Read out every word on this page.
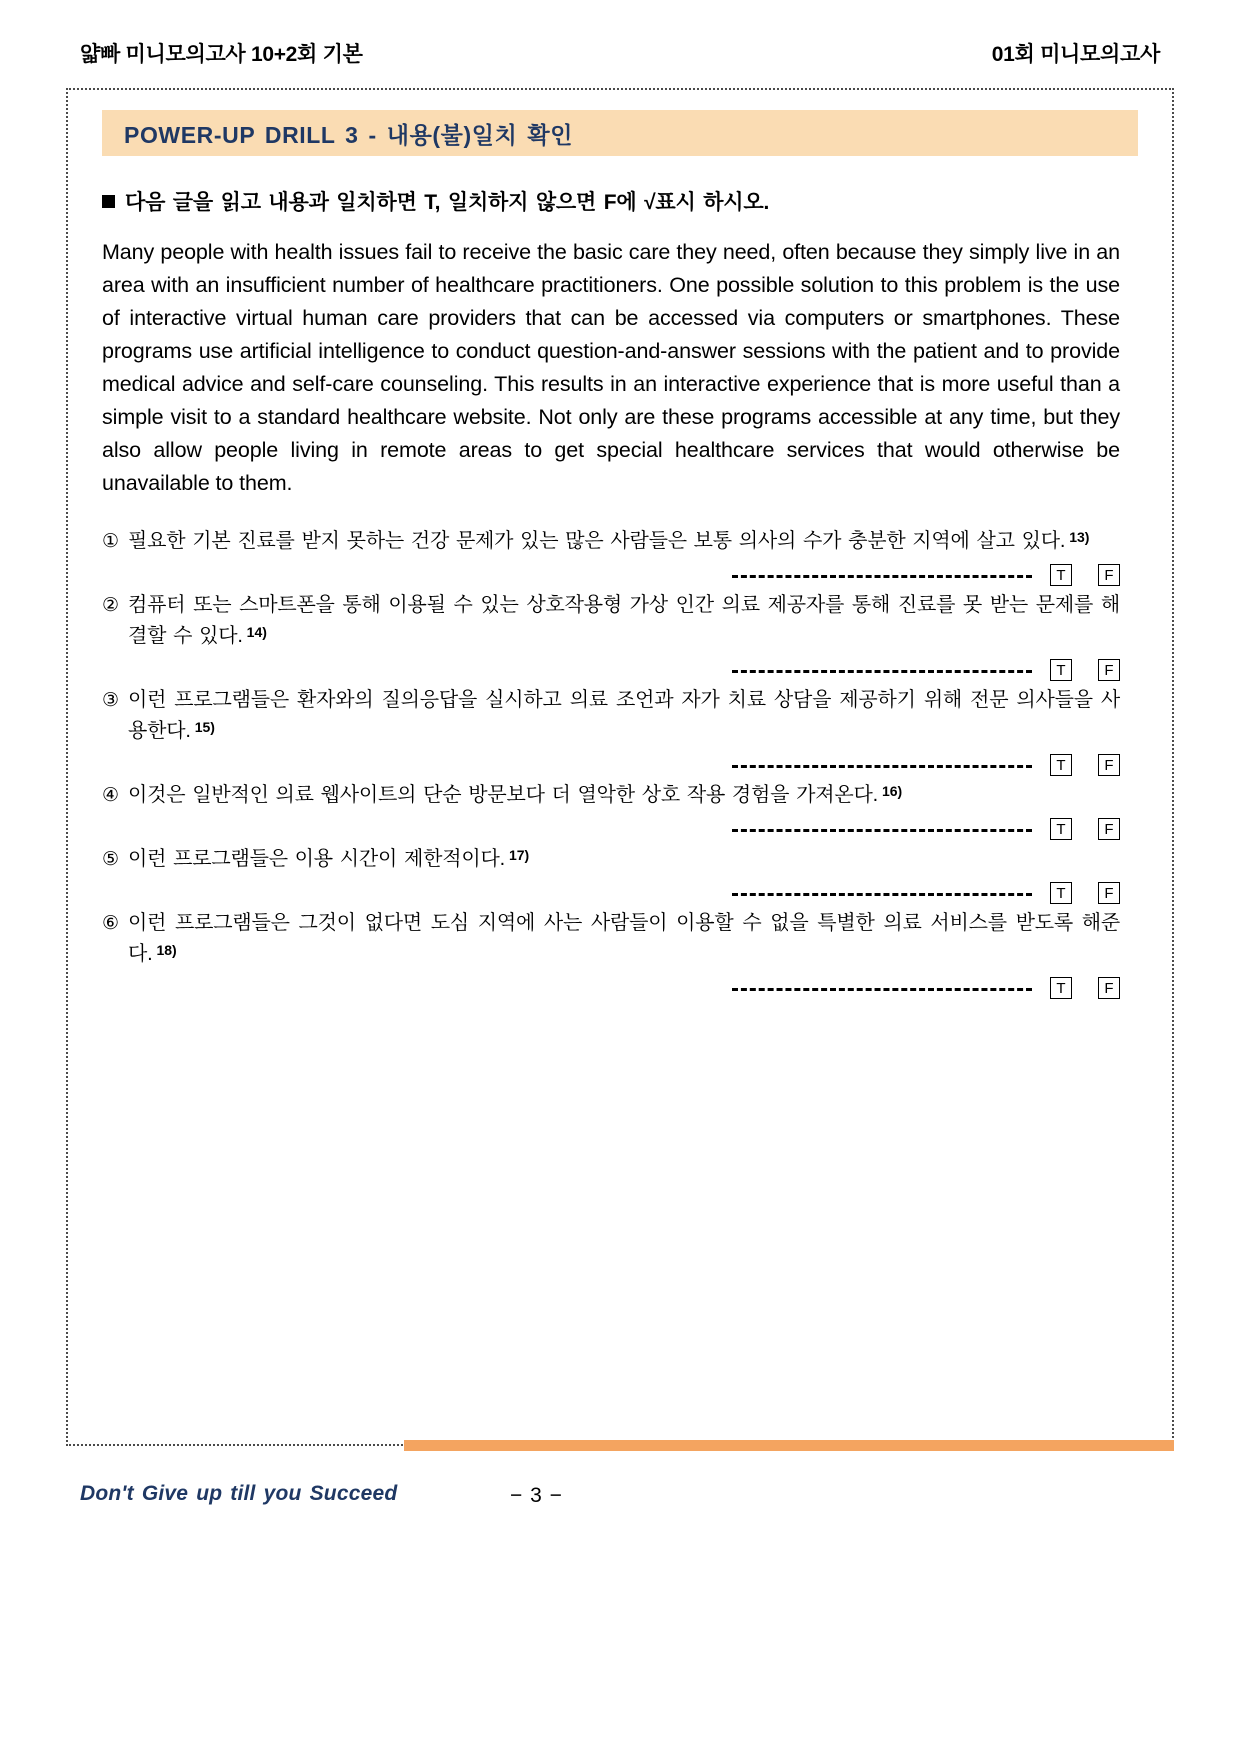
얇빠 미니모의고사 10+2회 기본	01회 미니모의고사
POWER-UP DRILL 3 - 내용(불)일치 확인
다음 글을 읽고 내용과 일치하면 T, 일치하지 않으면 F에 √표시 하시오.
Many people with health issues fail to receive the basic care they need, often because they simply live in an area with an insufficient number of healthcare practitioners. One possible solution to this problem is the use of interactive virtual human care providers that can be accessed via computers or smartphones. These programs use artificial intelligence to conduct question-and-answer sessions with the patient and to provide medical advice and self-care counseling. This results in an interactive experience that is more useful than a simple visit to a standard healthcare website. Not only are these programs accessible at any time, but they also allow people living in remote areas to get special healthcare services that would otherwise be unavailable to them.
① 필요한 기본 진료를 받지 못하는 건강 문제가 있는 많은 사람들은 보통 의사의 수가 충분한 지역에 살고 있다. $^{13)}$
T	F
② 컴퓨터 또는 스마트폰을 통해 이용될 수 있는 상호작용형 가상 인간 의료 제공자를 통해 진료를 못 받는 문제를 해결할 수 있다. $^{14)}$
T	F
③ 이런 프로그램들은 환자와의 질의응답을 실시하고 의료 조언과 자가 치료 상담을 제공하기 위해 전문 의사들을 사용한다. $^{15)}$
T	F
④ 이것은 일반적인 의료 웹사이트의 단순 방문보다 더 열악한 상호 작용 경험을 가져온다. $^{16)}$
T	F
⑤ 이런 프로그램들은 이용 시간이 제한적이다. $^{17)}$
T	F
⑥ 이런 프로그램들은 그것이 없다면 도심 지역에 사는 사람들이 이용할 수 없을 특별한 의료 서비스를 받도록 해준다. $^{18)}$
T	F
Don't Give up till you Succeed	− 3 −
